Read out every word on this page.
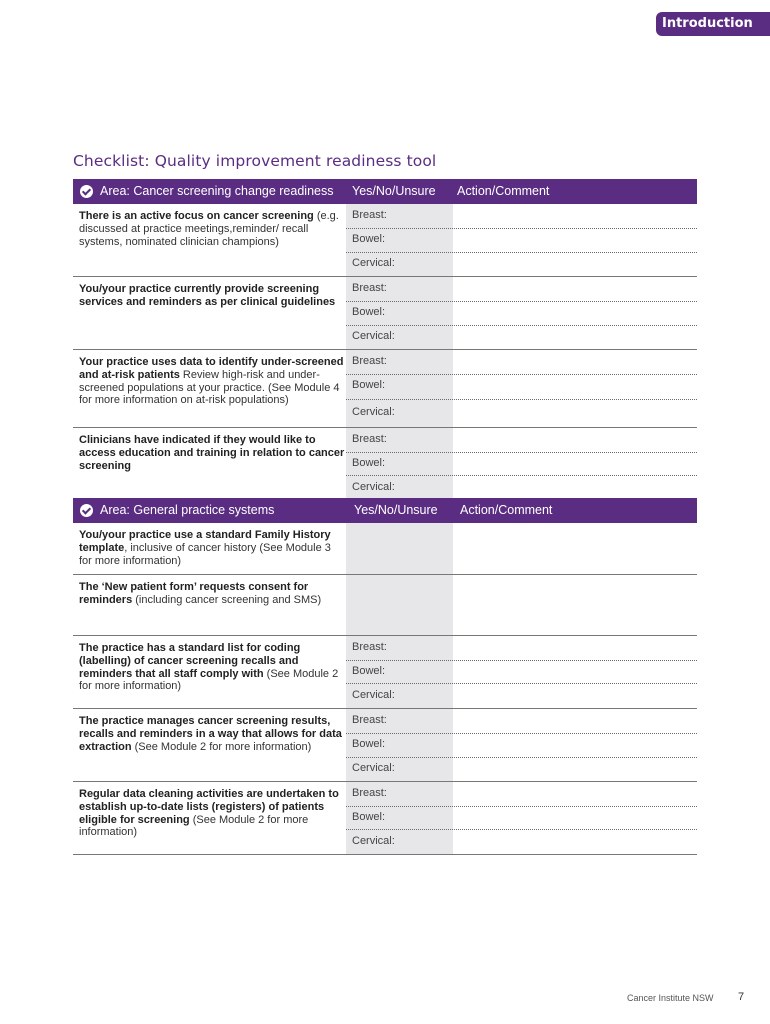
Introduction
Checklist: Quality improvement readiness tool
Area: Cancer screening change readiness Yes/No/Unsure Action/Comment
There is an active focus on cancer screening (e.g. discussed at practice meetings,reminder/ recall systems, nominated clinician champions)
Breast:
Bowel:
Cervical:
You/your practice currently provide screening services and reminders as per clinical guidelines
Breast:
Bowel:
Cervical:
Your practice uses data to identify under-screened and at-risk patients Review high-risk and under-screened populations at your practice. (See Module 4 for more information on at-risk populations)
Breast:
Bowel:
Cervical:
Clinicians have indicated if they would like to access education and training in relation to cancer screening
Breast:
Bowel:
Cervical:
Area: General practice systems	Yes/No/Unsure Action/Comment
You/your practice use a standard Family History template, inclusive of cancer history (See Module 3 for more information)
The ‘New patient form’ requests consent for reminders (including cancer screening and SMS)
The practice has a standard list for coding (labelling) of cancer screening recalls and reminders that all staff comply with (See Module 2 for more information)
Breast:
Bowel:
Cervical:
The practice manages cancer screening results, recalls and reminders in a way that allows for data extraction (See Module 2 for more information)
Breast:
Bowel:
Cervical:
Regular data cleaning activities are undertaken to establish up-to-date lists (registers) of patients eligible for screening (See Module 2 for more information)
Breast:
Bowel:
Cervical:
Cancer Institute NSW 7
